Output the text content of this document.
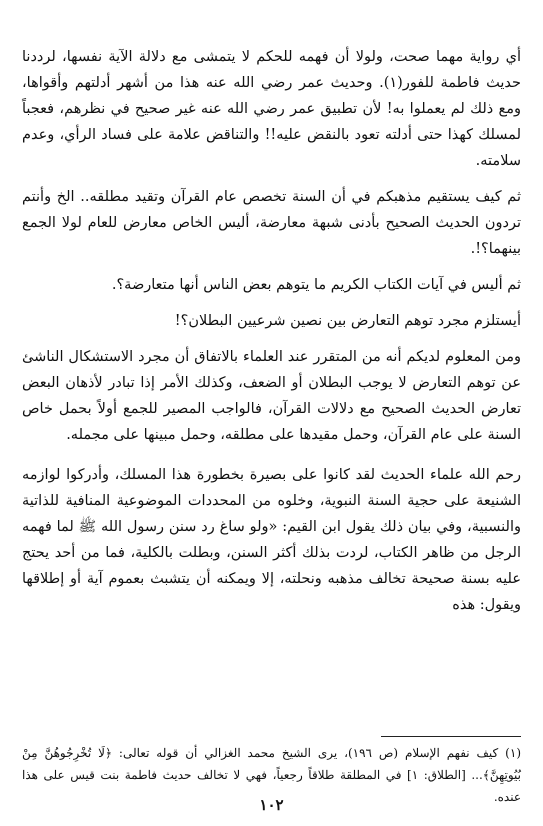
أي رواية مهما صحت، ولولا أن فهمه للحكم لا يتمشى مع دلالة الآية نفسها، لرددنا حديث فاطمة للفور(١). وحديث عمر رضي الله عنه هذا من أشهر أدلتهم وأقواها، ومع ذلك لم يعملوا به! لأن تطبيق عمر رضي الله عنه غير صحيح في نظرهم، فعجباً لمسلك كهذا حتى أدلته تعود بالنقض عليه!! والتناقض علامة على فساد الرأي، وعدم سلامته.

ثم كيف يستقيم مذهبكم في أن السنة تخصص عام القرآن وتقيد مطلقه.. الخ وأنتم تردون الحديث الصحيح بأدنى شبهة معارضة، أليس الخاص معارض للعام لولا الجمع بينهما؟!.

ثم أليس في آيات الكتاب الكريم ما يتوهم بعض الناس أنها متعارضة؟.

أيستلزم مجرد توهم التعارض بين نصين شرعيين البطلان؟!

ومن المعلوم لديكم أنه من المتقرر عند العلماء بالاتفاق أن مجرد الاستشكال الناشئ عن توهم التعارض لا يوجب البطلان أو الضعف، وكذلك الأمر إذا تبادر لأذهان البعض تعارض الحديث الصحيح مع دلالات القرآن، فالواجب المصير للجمع أولاً بحمل خاص السنة على عام القرآن، وحمل مقيدها على مطلقه، وحمل مبينها على مجمله.

رحم الله علماء الحديث لقد كانوا على بصيرة بخطورة هذا المسلك، وأدركوا لوازمه الشنيعة على حجية السنة النبوية، وخلوه من المحددات الموضوعية المنافية للذاتية والنسبية، وفي بيان ذلك يقول ابن القيم: «ولو ساغ رد سنن رسول الله ﷺ لما فهمه الرجل من ظاهر الكتاب، لردت بذلك أكثر السنن، وبطلت بالكلية، فما من أحد يحتج عليه بسنة صحيحة تخالف مذهبه ونحلته، إلا ويمكنه أن يتشبث بعموم آية أو إطلاقها ويقول: هذه

(١) كيف نفهم الإسلام (ص ١٩٦)، يرى الشيخ محمد الغزالي أن قوله تعالى: ﴿لَا تُخْرِجُوهُنَّ مِنْ بُيُوتِهِنَّ﴾... [الطلاق: ١] في المطلقة طلاقاً رجعياً، فهي لا تخالف حديث فاطمة بنت قيس على هذا عنده.
١٠٢
